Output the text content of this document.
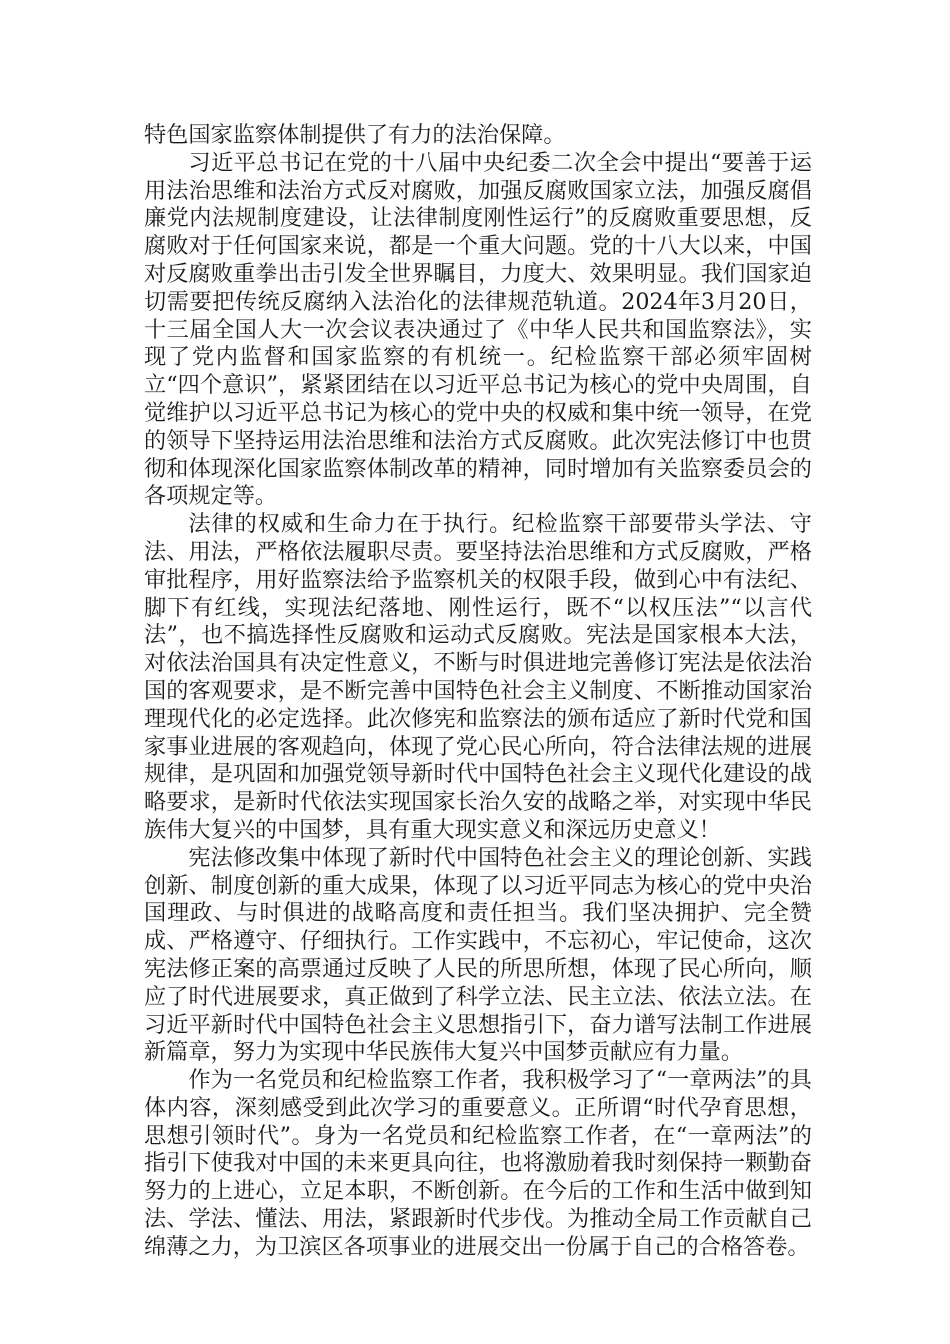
特色国家监察体制提供了有力的法治保障。

习近平总书记在党的十八届中央纪委二次全会中提出“要善于运用法治思维和法治方式反对腐败，加强反腐败国家立法，加强反腐倡廉党内法规制度建设，让法律制度刚性运行”的反腐败重要思想，反腐败对于任何国家来说，都是一个重大问题。党的十八大以来，中国对反腐败重拳出击引发全世界瞩目，力度大、效果明显。我们国家迫切需要把传统反腐纳入法治化的法律规范轨道。2024年3月20日，十三届全国人大一次会议表决通过了《中华人民共和国监察法》，实现了党内监督和国家监察的有机统一。纪检监察干部必须牢固树立“四个意识”，紧紧团结在以习近平总书记为核心的党中央周围，自觉维护以习近平总书记为核心的党中央的权威和集中统一领导，在党的领导下坚持运用法治思维和法治方式反腐败。此次宪法修订中也贯彻和体现深化国家监察体制改革的精神，同时增加有关监察委员会的各项规定等。

法律的权威和生命力在于执行。纪检监察干部要带头学法、守法、用法，严格依法履职尽责。要坚持法治思维和方式反腐败，严格审批程序，用好监察法给予监察机关的权限手段，做到心中有法纪、脚下有红线，实现法纪落地、刚性运行，既不“以权压法”“以言代法”，也不搞选择性反腐败和运动式反腐败。宪法是国家根本大法，对依法治国具有决定性意义，不断与时俱进地完善修订宪法是依法治国的客观要求，是不断完善中国特色社会主义制度、不断推动国家治理现代化的必定选择。此次修宪和监察法的颁布适应了新时代党和国家事业进展的客观趋向，体现了党心民心所向，符合法律法规的进展规律，是巩固和加强党领导新时代中国特色社会主义现代化建设的战略要求，是新时代依法实现国家长治久安的战略之举，对实现中华民族伟大复兴的中国梦，具有重大现实意义和深远历史意义！

宪法修改集中体现了新时代中国特色社会主义的理论创新、实践创新、制度创新的重大成果，体现了以习近平同志为核心的党中央治国理政、与时俱进的战略高度和责任担当。我们坚决拥护、完全赞成、严格遵守、仔细执行。工作实践中，不忘初心，牢记使命，这次宪法修正案的高票通过反映了人民的所思所想，体现了民心所向，顺应了时代进展要求，真正做到了科学立法、民主立法、依法立法。在习近平新时代中国特色社会主义思想指引下，奋力谱写法制工作进展新篇章，努力为实现中华民族伟大复兴中国梦贡献应有力量。

作为一名党员和纪检监察工作者，我积极学习了“一章两法”的具体内容，深刻感受到此次学习的重要意义。正所谓“时代孕育思想，思想引领时代”。身为一名党员和纪检监察工作者，在“一章两法”的指引下使我对中国的未来更具向往，也将激励着我时刻保持一颗勤奋努力的上进心，立足本职，不断创新。在今后的工作和生活中做到知法、学法、懂法、用法，紧跟新时代步伐。为推动全局工作贡献自己绵薄之力，为卫滨区各项事业的进展交出一份属于自己的合格答卷。
